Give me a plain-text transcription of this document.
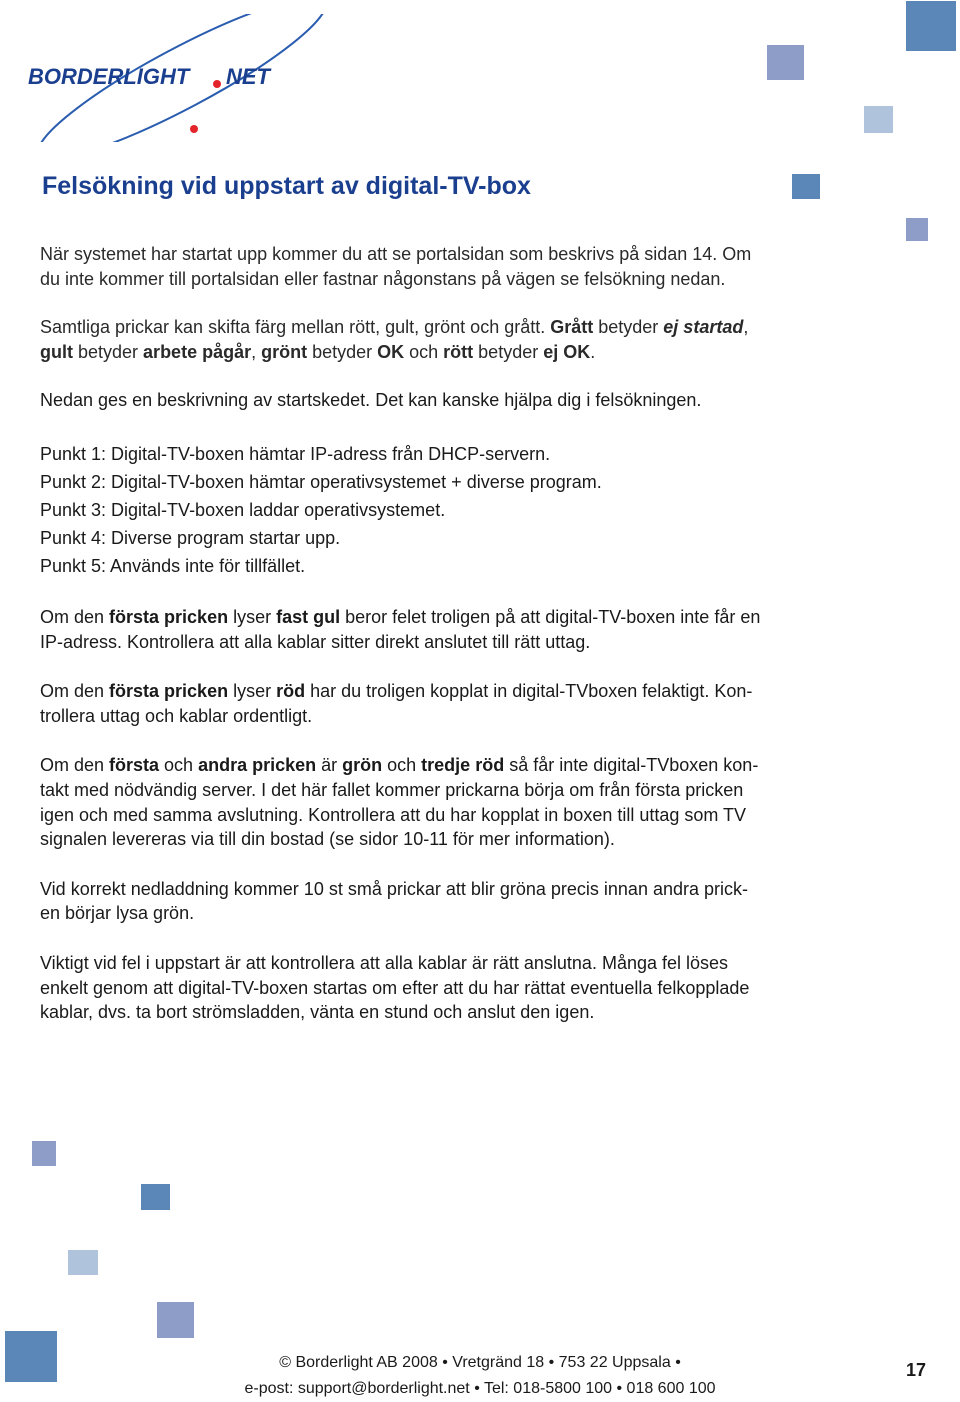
BORDERLIGHT NET
Felsökning vid uppstart av digital-TV-box

När systemet har startat upp kommer du att se portalsidan som beskrivs på sidan 14. Om

du inte kommer till portalsidan eller fastnar någonstans på vägen se felsökning nedan.

Samtliga prickar kan skifta färg mellan rött, gult, grönt och grått. Grått betyder ej startad,

gult betyder arbete pågår, grönt betyder OK och rött betyder ej OK.

Nedan ges en beskrivning av startskedet. Det kan kanske hjälpa dig i felsökningen.

Punkt 1: Digital-TV-boxen hämtar IP-adress från DHCP-servern.

Punkt 2: Digital-TV-boxen hämtar operativsystemet + diverse program.

Punkt 3: Digital-TV-boxen laddar operativsystemet.

Punkt 4: Diverse program startar upp.

Punkt 5: Används inte för tillfället.

Om den första pricken lyser fast gul beror felet troligen på att digital-TV-boxen inte får en
IP-adress. Kontrollera att alla kablar sitter direkt anslutet till rätt uttag.

Om den första pricken lyser röd har du troligen kopplat in digital-TVboxen felaktigt. Kon-
trollera uttag och kablar ordentligt.

Om den första och andra pricken är grön och tredje röd så får inte digital-TVboxen kon-
takt med nödvändig server. I det här fallet kommer prickarna börja om från första pricken
igen och med samma avslutning. Kontrollera att du har kopplat in boxen till uttag som TV
signalen levereras via till din bostad (se sidor 10-11 för mer information).

Vid korrekt nedladdning kommer 10 st små prickar att blir gröna precis innan andra prick-
en börjar lysa grön.

Viktigt vid fel i uppstart är att kontrollera att alla kablar är rätt anslutna. Många fel löses
enkelt genom att digital-TV-boxen startas om efter att du har rättat eventuella felkopplade
kablar, dvs. ta bort strömsladden, vänta en stund och anslut den igen.

© Borderlight AB 2008 • Vretgränd 18 • 753 22 Uppsala •
e-post: support@borderlight.net • Tel: 018-5800 100 • 018 600 100
17
